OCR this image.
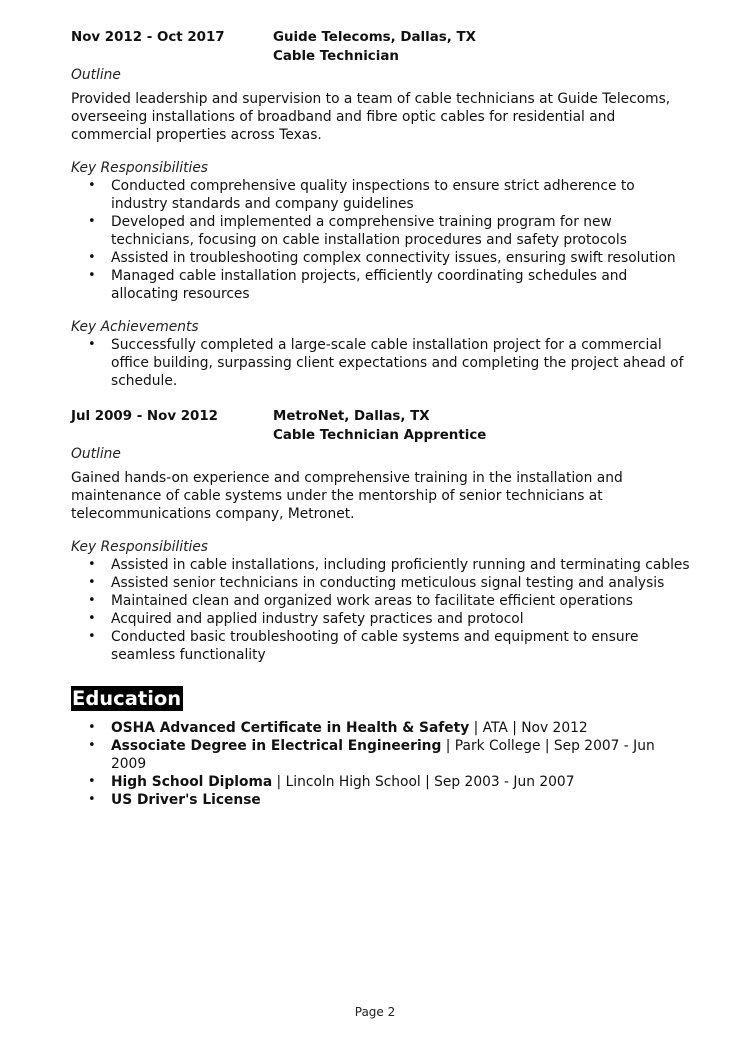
Nov 2012 - Oct 2017	Guide Telecoms, Dallas, TX
Cable Technician
Outline
Provided leadership and supervision to a team of cable technicians at Guide Telecoms, overseeing installations of broadband and fibre optic cables for residential and commercial properties across Texas.
Key Responsibilities
• Conducted comprehensive quality inspections to ensure strict adherence to industry standards and company guidelines
• Developed and implemented a comprehensive training program for new technicians, focusing on cable installation procedures and safety protocols
• Assisted in troubleshooting complex connectivity issues, ensuring swift resolution
• Managed cable installation projects, efficiently coordinating schedules and allocating resources
Key Achievements
• Successfully completed a large-scale cable installation project for a commercial office building, surpassing client expectations and completing the project ahead of schedule.
Jul 2009 - Nov 2012	MetroNet, Dallas, TX
Cable Technician Apprentice
Outline
Gained hands-on experience and comprehensive training in the installation and maintenance of cable systems under the mentorship of senior technicians at telecommunications company, Metronet.
Key Responsibilities
• Assisted in cable installations, including proficiently running and terminating cables
• Assisted senior technicians in conducting meticulous signal testing and analysis
• Maintained clean and organized work areas to facilitate efficient operations
• Acquired and applied industry safety practices and protocol
• Conducted basic troubleshooting of cable systems and equipment to ensure seamless functionality
Education
• OSHA Advanced Certificate in Health & Safety | ATA | Nov 2012
• Associate Degree in Electrical Engineering | Park College | Sep 2007 - Jun 2009
• High School Diploma | Lincoln High School | Sep 2003 - Jun 2007
• US Driver's License
Page 2
